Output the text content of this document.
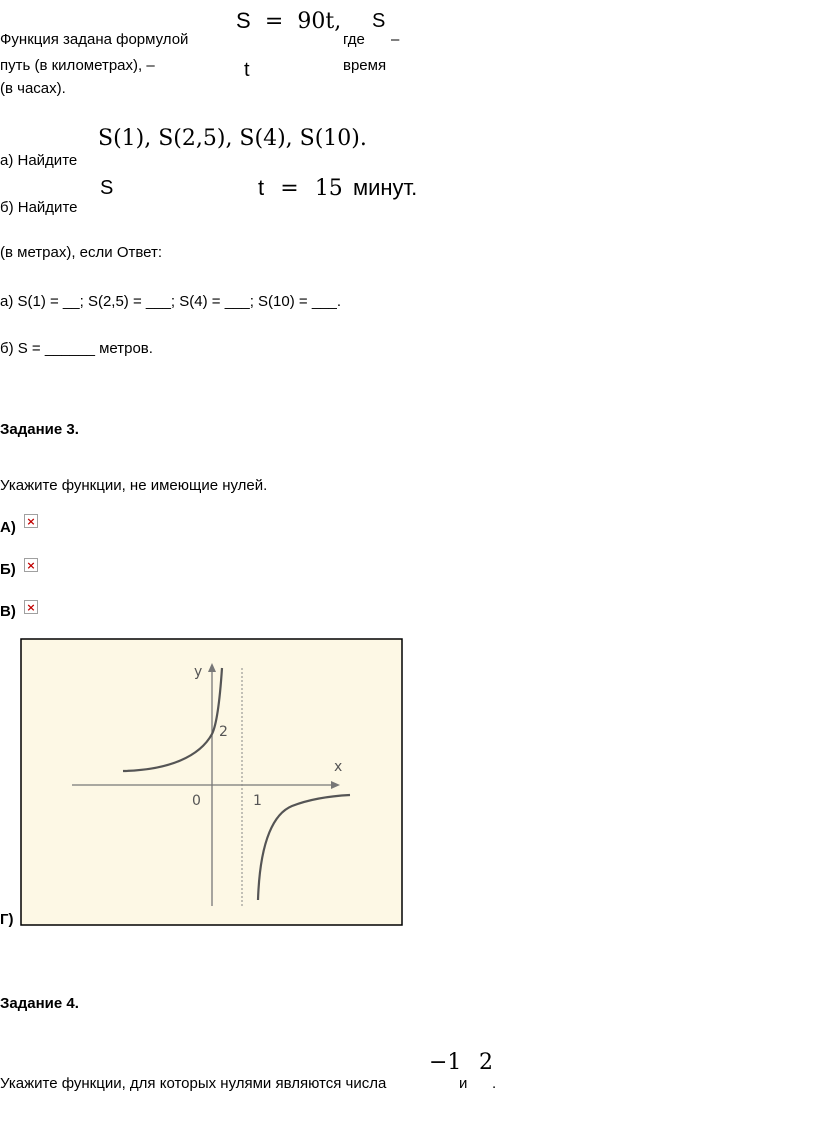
Функция задана формулой
S = 90t, S
где –
путь (в километрах), –	t	время
(в часах).
S(1), S(2,5), S(4), S(10).
а) Найдите
S	t = 15 минут.
б) Найдите
(в метрах), если Ответ:
а) S(1) = __; S(2,5) = ___; S(4) = ___; S(10) = ___.
б) S = ______ метров.
Задание 3.
Укажите функции, не имеющие нулей.
А) ×
Б) ×
В) ×
y
x
2
0	1
Г)
Задание 4.
−1 2
Укажите функции, для которых нулями являются числа	и .
